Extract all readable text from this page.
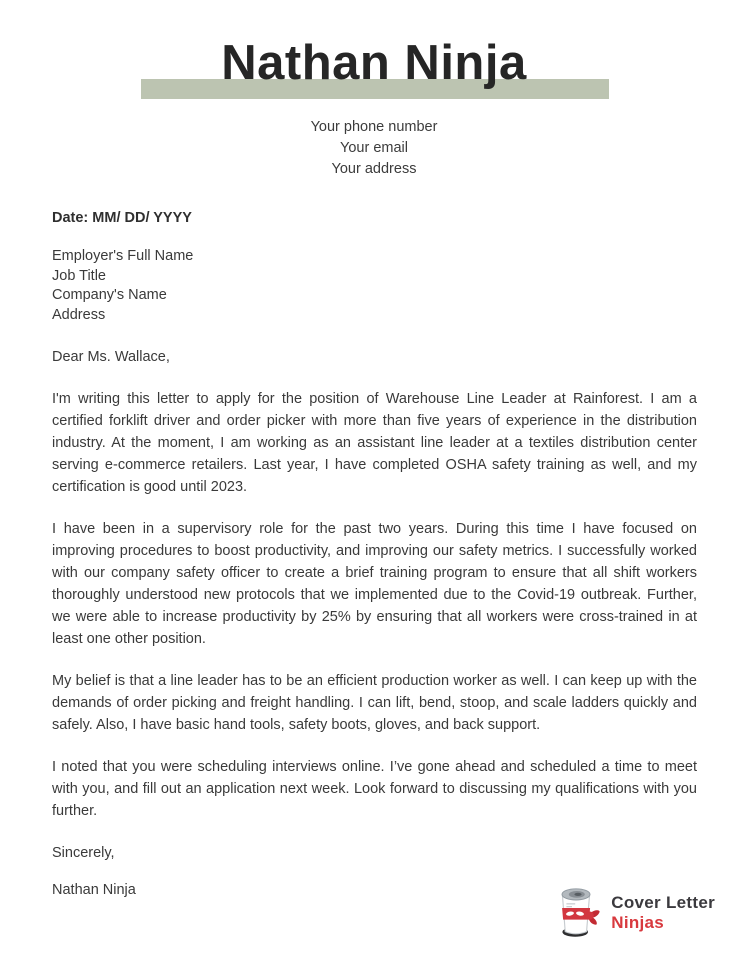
Nathan Ninja
Your phone number
Your email
Your address

Date: MM/ DD/ YYYY

Employer's Full Name
Job Title
Company's Name
Address

Dear Ms. Wallace,

I'm writing this letter to apply for the position of Warehouse Line Leader at Rainforest. I am a certified forklift driver and order picker with more than five years of experience in the distribution industry. At the moment, I am working as an assistant line leader at a textiles distribution center serving e-commerce retailers. Last year, I have completed OSHA safety training as well, and my certification is good until 2023.

I have been in a supervisory role for the past two years. During this time I have focused on improving procedures to boost productivity, and improving our safety metrics. I successfully worked with our company safety officer to create a brief training program to ensure that all shift workers thoroughly understood new protocols that we implemented due to the Covid-19 outbreak. Further, we were able to increase productivity by 25% by ensuring that all workers were cross-trained in at least one other position.

My belief is that a line leader has to be an efficient production worker as well. I can keep up with the demands of order picking and freight handling. I can lift, bend, stoop, and scale ladders quickly and safely. Also, I have basic hand tools, safety boots, gloves, and back support.

I noted that you were scheduling interviews online. I’ve gone ahead and scheduled a time to meet with you, and fill out an application next week. Look forward to discussing my qualifications with you further.

Sincerely,

Nathan Ninja

Cover Letter
Ninjas
